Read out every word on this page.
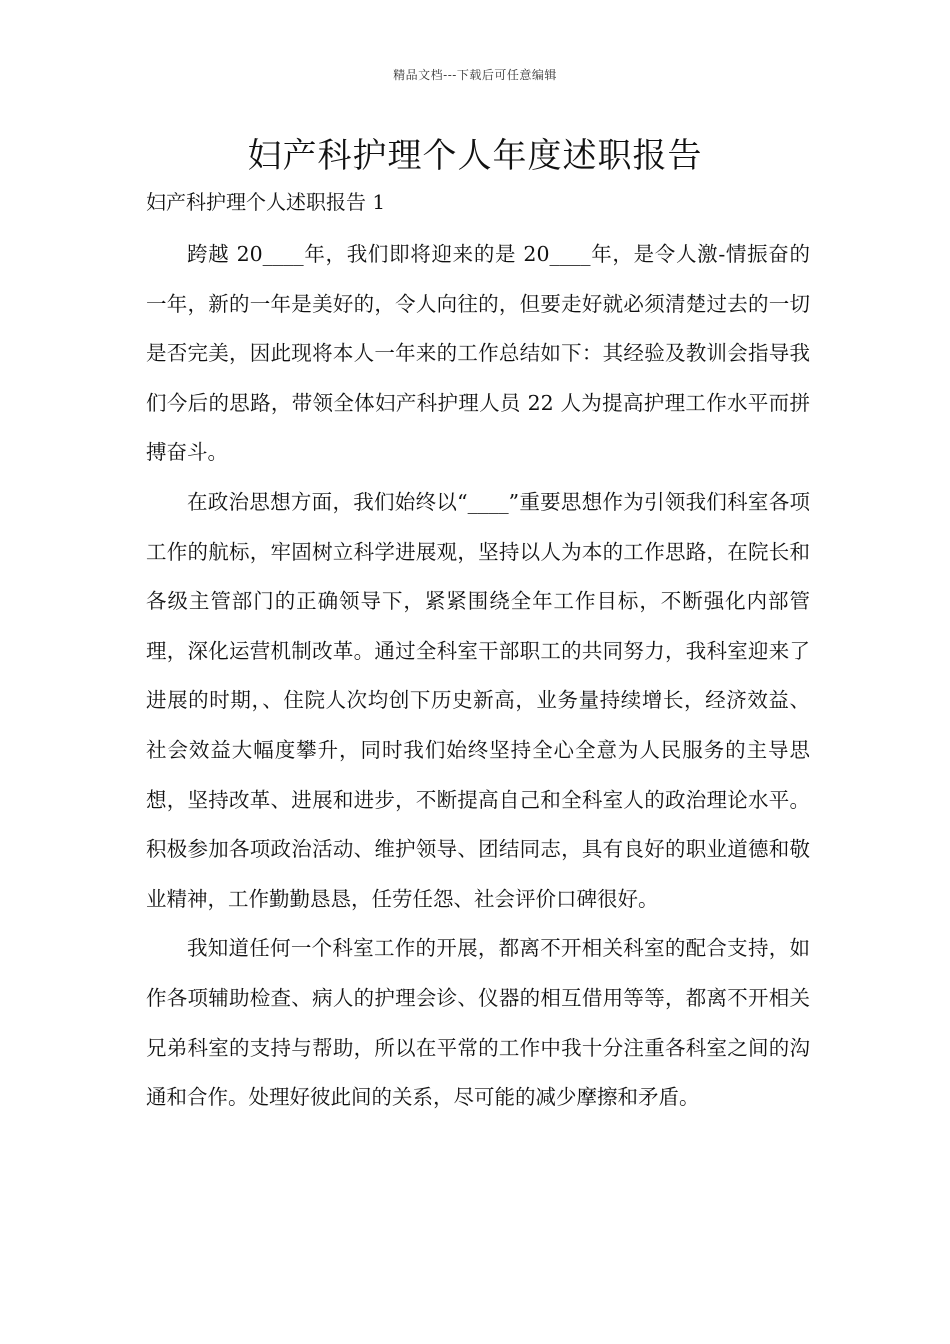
精品文档---下载后可任意编辑
妇产科护理个人年度述职报告

妇产科护理个人述职报告 1

跨越 20____年，我们即将迎来的是 20____年，是令人激-情振奋的一年，新的一年是美好的，令人向往的，但要走好就必须清楚过去的一切是否完美，因此现将本人一年来的工作总结如下：其经验及教训会指导我们今后的思路，带领全体妇产科护理人员 22 人为提高护理工作水平而拼搏奋斗。

在政治思想方面，我们始终以“____”重要思想作为引领我们科室各项工作的航标，牢固树立科学进展观，坚持以人为本的工作思路，在院长和各级主管部门的正确领导下，紧紧围绕全年工作目标，不断强化内部管理，深化运营机制改革。通过全科室干部职工的共同努力，我科室迎来了进展的时期，、住院人次均创下历史新高，业务量持续增长，经济效益、社会效益大幅度攀升，同时我们始终坚持全心全意为人民服务的主导思想，坚持改革、进展和进步，不断提高自己和全科室人的政治理论水平。积极参加各项政治活动、维护领导、团结同志，具有良好的职业道德和敬业精神，工作勤勤恳恳，任劳任怨、社会评价口碑很好。

我知道任何一个科室工作的开展，都离不开相关科室的配合支持，如作各项辅助检查、病人的护理会诊、仪器的相互借用等等，都离不开相关兄弟科室的支持与帮助，所以在平常的工作中我十分注重各科室之间的沟通和合作。处理好彼此间的关系，尽可能的减少摩擦和矛盾。
